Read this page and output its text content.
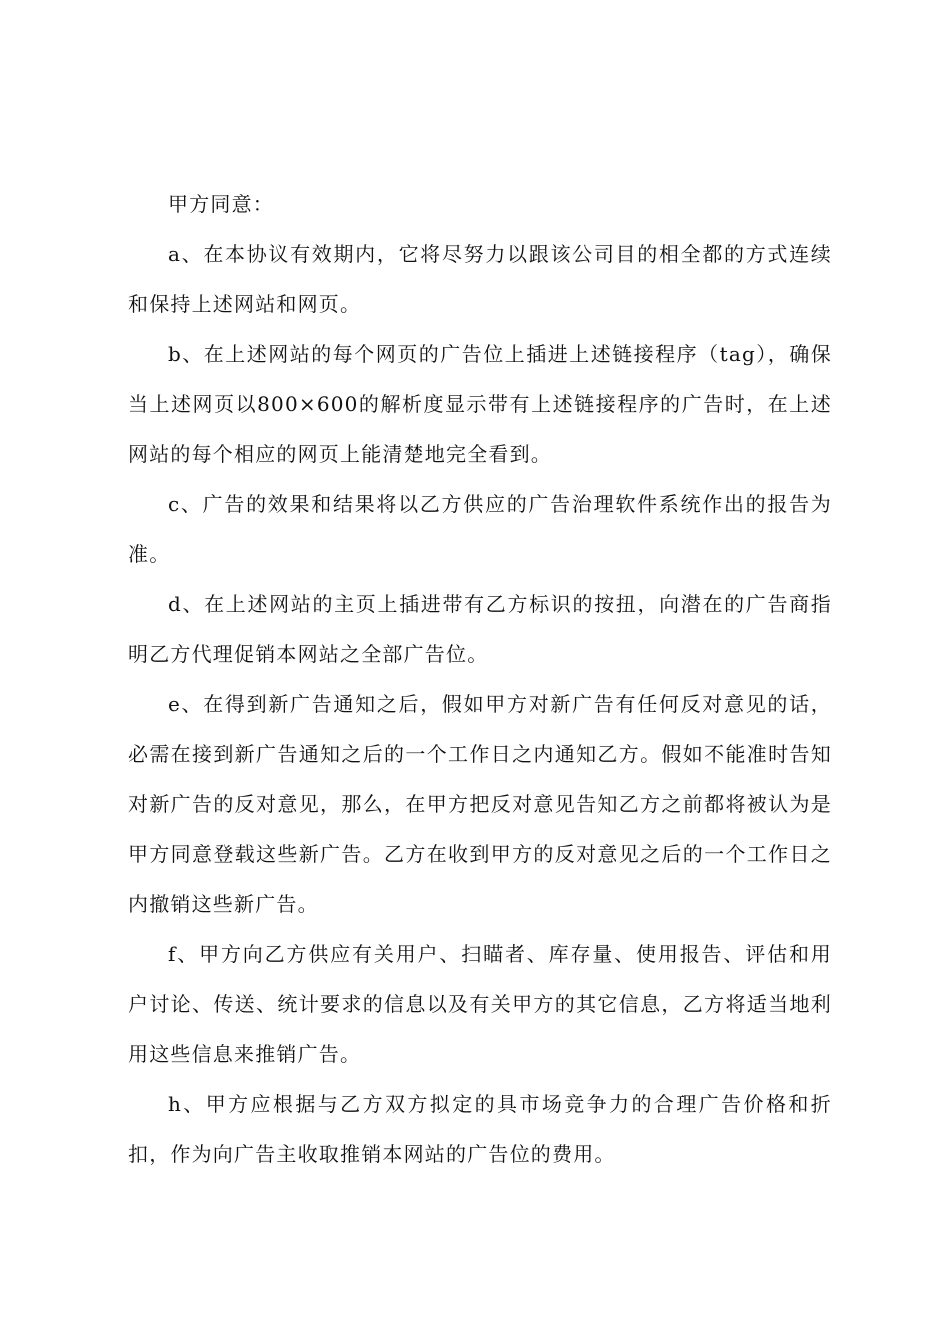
甲方同意：

a、在本协议有效期内，它将尽努力以跟该公司目的相全都的方式连续和保持上述网站和网页。

b、在上述网站的每个网页的广告位上插进上述链接程序（tag），确保当上述网页以800×600的解析度显示带有上述链接程序的广告时，在上述网站的每个相应的网页上能清楚地完全看到。

c、广告的效果和结果将以乙方供应的广告治理软件系统作出的报告为准。

d、在上述网站的主页上插进带有乙方标识的按扭，向潜在的广告商指明乙方代理促销本网站之全部广告位。

e、在得到新广告通知之后，假如甲方对新广告有任何反对意见的话，必需在接到新广告通知之后的一个工作日之内通知乙方。假如不能准时告知对新广告的反对意见，那么，在甲方把反对意见告知乙方之前都将被认为是甲方同意登载这些新广告。乙方在收到甲方的反对意见之后的一个工作日之内撤销这些新广告。

f、甲方向乙方供应有关用户、扫瞄者、库存量、使用报告、评估和用户讨论、传送、统计要求的信息以及有关甲方的其它信息，乙方将适当地利用这些信息来推销广告。

h、甲方应根据与乙方双方拟定的具市场竞争力的合理广告价格和折扣，作为向广告主收取推销本网站的广告位的费用。
